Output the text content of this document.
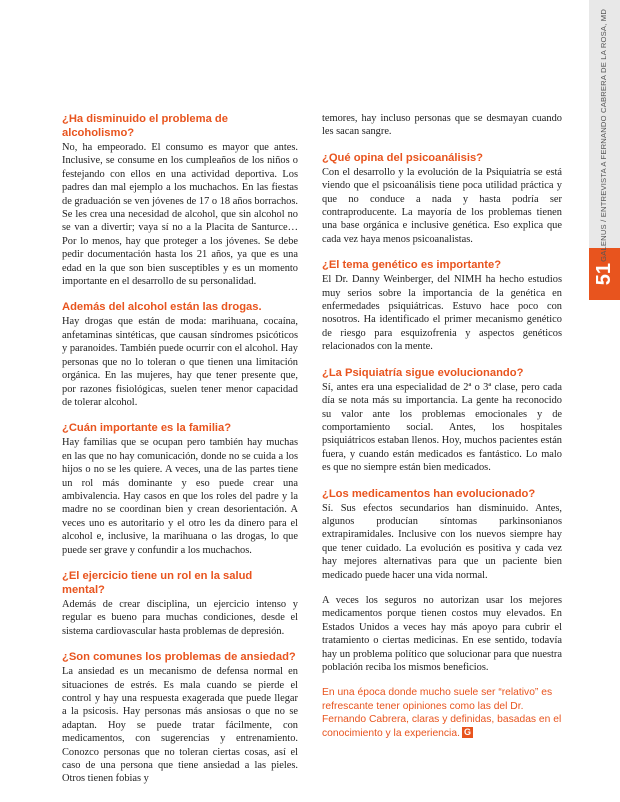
GALENUS / ENTREVISTA A FERNANDO CABRERA DE LA ROSA, MD
51
¿Ha disminuido el problema de alcoholismo?

No, ha empeorado. El consumo es mayor que antes. Inclusive, se consume en los cumpleaños de los niños o festejando con ellos en una actividad deportiva. Los padres dan mal ejemplo a los muchachos. En las fiestas de graduación se ven jóvenes de 17 o 18 años borrachos. Se les crea una necesidad de alcohol, que sin alcohol no se van a divertir; vaya sí no a la Placita de Santurce… Por lo menos, hay que proteger a los jóvenes. Se debe pedir documentación hasta los 21 años, ya que es una edad en la que son bien susceptibles y es un momento importante en el desarrollo de su personalidad.

Además del alcohol están las drogas.

Hay drogas que están de moda: marihuana, cocaína, anfetaminas sintéticas, que causan síndromes psicóticos y paranoides. También puede ocurrir con el alcohol. Hay personas que no lo toleran o que tienen una limitación orgánica. En las mujeres, hay que tener presente que, por razones fisiológicas, suelen tener menor capacidad de tolerar alcohol.

¿Cuán importante es la familia?

Hay familias que se ocupan pero también hay muchas en las que no hay comunicación, donde no se cuida a los hijos o no se les quiere. A veces, una de las partes tiene un rol más dominante y eso puede crear una ambivalencia. Hay casos en que los roles del padre y la madre no se coordinan bien y crean desorientación. A veces uno es autoritario y el otro les da dinero para el alcohol e, inclusive, la marihuana o las drogas, lo que puede ser grave y confundir a los muchachos.

¿El ejercicio tiene un rol en la salud mental?

Además de crear disciplina, un ejercicio intenso y regular es bueno para muchas condiciones, desde el sistema cardiovascular hasta problemas de depresión.

¿Son comunes los problemas de ansiedad?

La ansiedad es un mecanismo de defensa normal en situaciones de estrés. Es mala cuando se pierde el control y hay una respuesta exagerada que puede llegar a la psicosis. Hay personas más ansiosas o que no se adaptan. Hoy se puede tratar fácilmente, con medicamentos, con sugerencias y entrenamiento. Conozco personas que no toleran ciertas cosas, así el caso de una persona que tiene ansiedad a las pieles. Otros tienen fobias y

temores, hay incluso personas que se desmayan cuando les sacan sangre.

¿Qué opina del psicoanálisis?

Con el desarrollo y la evolución de la Psiquiatría se está viendo que el psicoanálisis tiene poca utilidad práctica y que no conduce a nada y hasta podría ser contraproducente. La mayoría de los problemas tienen una base orgánica e inclusive genética. Eso explica que cada vez haya menos psicoanalistas.

¿El tema genético es importante?

El Dr. Danny Weinberger, del NIMH ha hecho estudios muy serios sobre la importancia de la genética en enfermedades psiquiátricas. Estuvo hace poco con nosotros. Ha identificado el primer mecanismo genético de riesgo para esquizofrenia y aspectos genéticos relacionados con la mente.

¿La Psiquiatría sigue evolucionando?

Sí, antes era una especialidad de 2ª o 3ª clase, pero cada día se nota más su importancia. La gente ha reconocido su valor ante los problemas emocionales y de comportamiento social. Antes, los hospitales psiquiátricos estaban llenos. Hoy, muchos pacientes están fuera, y cuando están medicados es fantástico. Lo malo es que no siempre están bien medicados.

¿Los medicamentos han evolucionado?

Sí. Sus efectos secundarios han disminuido. Antes, algunos producían síntomas parkinsonianos extrapiramidales. Inclusive con los nuevos siempre hay que tener cuidado. La evolución es positiva y cada vez hay mejores alternativas para que un paciente bien medicado puede hacer una vida normal.

A veces los seguros no autorizan usar los mejores medicamentos porque tienen costos muy elevados. En Estados Unidos a veces hay más apoyo para cubrir el tratamiento o ciertas medicinas. En ese sentido, todavía hay un problema político que solucionar para que nuestra población reciba los mismos beneficios.

En una época donde mucho suele ser “relativo” es refrescante tener opiniones como las del Dr. Fernando Cabrera, claras y definidas, basadas en el conocimiento y la experiencia. G
